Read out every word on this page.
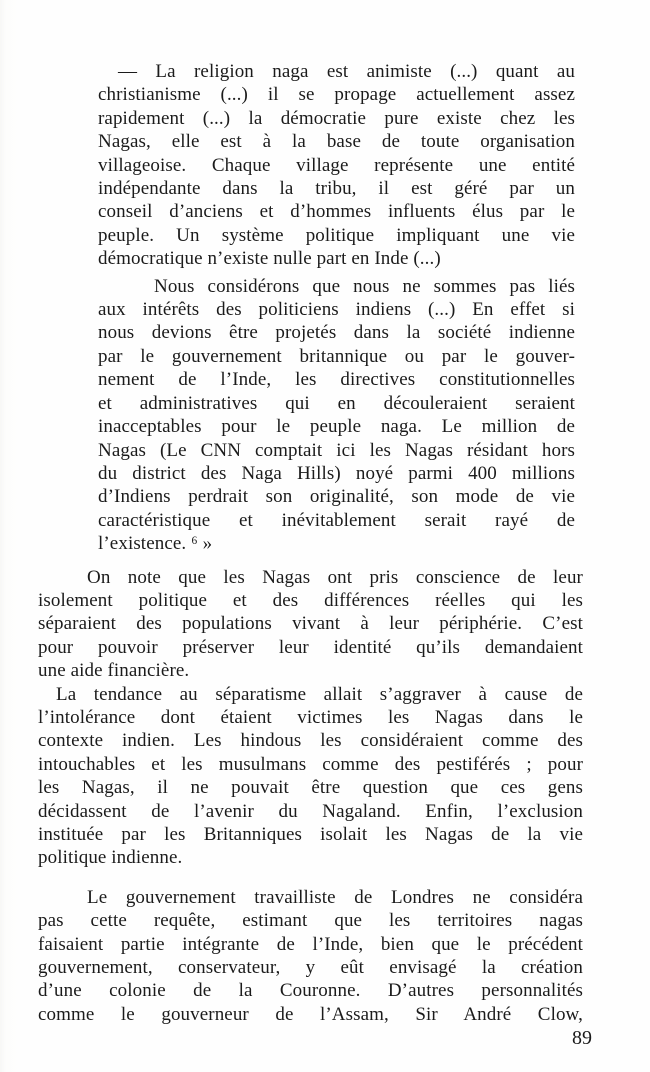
— La religion naga est animiste (...) quant au
christianisme (...) il se propage actuellement assez
rapidement (...) la démocratie pure existe chez les
Nagas, elle est à la base de toute organisation
villageoise. Chaque village représente une entité
indépendante dans la tribu, il est géré par un
conseil d’anciens et d’hommes influents élus par le
peuple. Un système politique impliquant une vie
démocratique n’existe nulle part en Inde (...)
Nous considérons que nous ne sommes pas liés
aux intérêts des politiciens indiens (...) En effet si
nous devions être projetés dans la société indienne
par le gouvernement britannique ou par le gouver-
nement de l’Inde, les directives constitutionnelles
et administratives qui en découleraient seraient
inacceptables pour le peuple naga. Le million de
Nagas (Le CNN comptait ici les Nagas résidant hors
du district des Naga Hills) noyé parmi 400 millions
d’Indiens perdrait son originalité, son mode de vie
caractéristique et inévitablement serait rayé de
l’existence. ⁶ »
On note que les Nagas ont pris conscience de leur
isolement politique et des différences réelles qui les
séparaient des populations vivant à leur périphérie. C’est
pour pouvoir préserver leur identité qu’ils demandaient
une aide financière.
La tendance au séparatisme allait s’aggraver à cause de
l’intolérance dont étaient victimes les Nagas dans le
contexte indien. Les hindous les considéraient comme des
intouchables et les musulmans comme des pestiférés ; pour
les Nagas, il ne pouvait être question que ces gens
décidassent de l’avenir du Nagaland. Enfin, l’exclusion
instituée par les Britanniques isolait les Nagas de la vie
politique indienne.
Le gouvernement travailliste de Londres ne considéra
pas cette requête, estimant que les territoires nagas
faisaient partie intégrante de l’Inde, bien que le précédent
gouvernement, conservateur, y eût envisagé la création
d’une colonie de la Couronne. D’autres personnalités
comme le gouverneur de l’Assam, Sir André Clow,
89
